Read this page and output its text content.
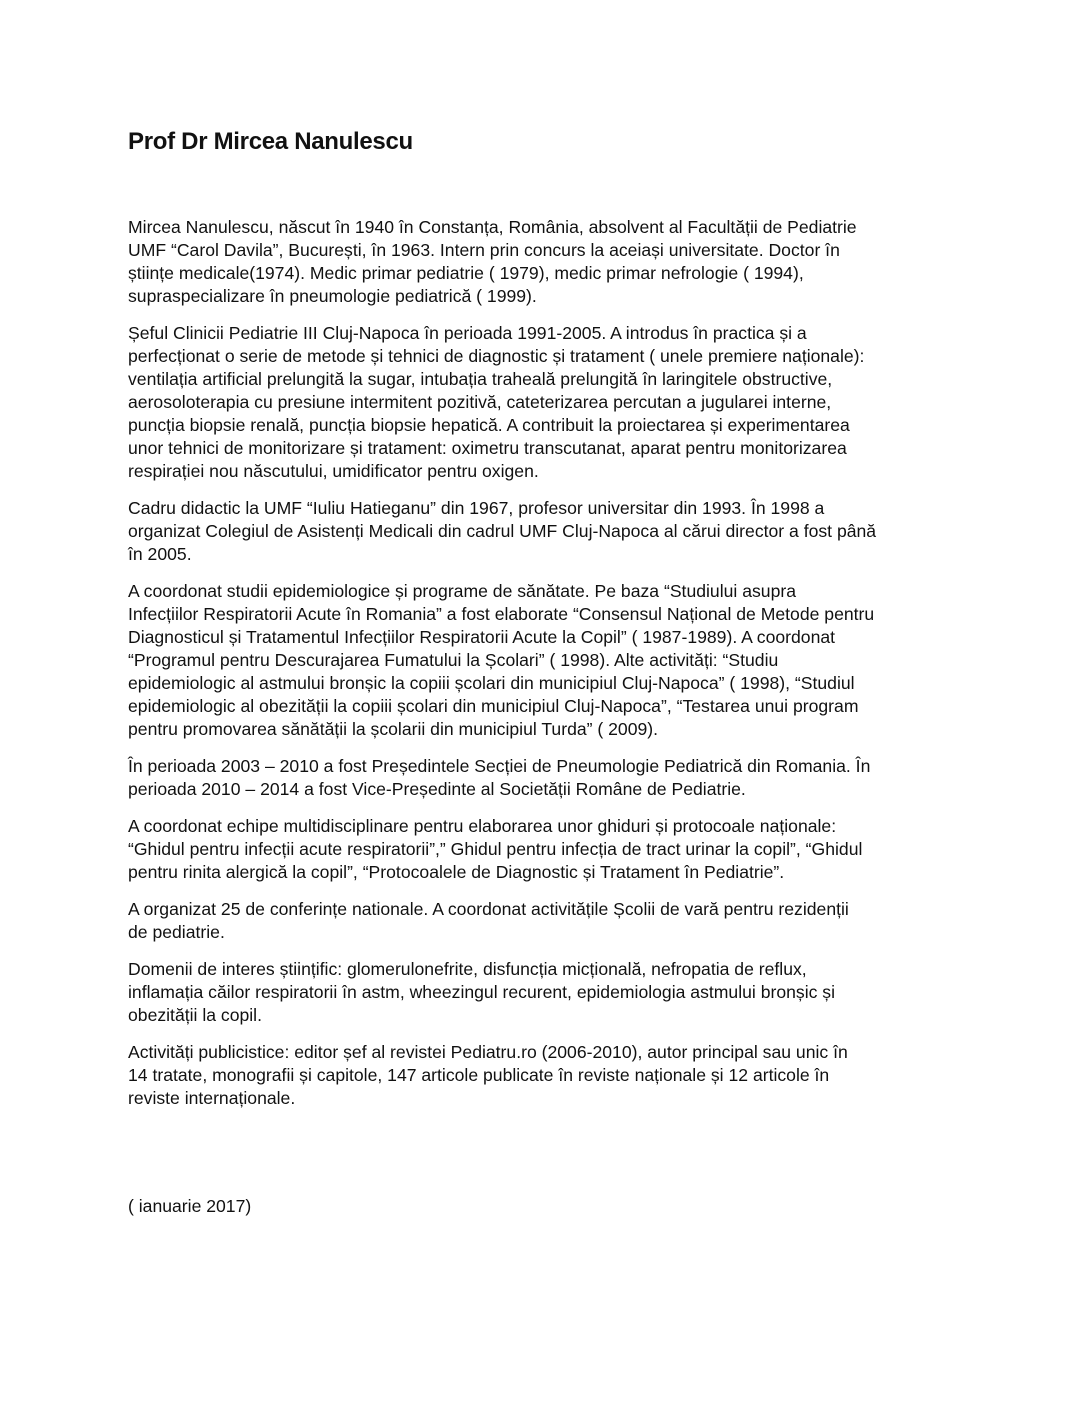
Prof Dr Mircea Nanulescu

Mircea Nanulescu, născut în 1940 în Constanța, România, absolvent al Facultății de Pediatrie
UMF “Carol Davila”, București, în 1963. Intern prin concurs la aceiași universitate. Doctor în
științe medicale(1974). Medic primar pediatrie ( 1979), medic primar nefrologie ( 1994),
supraspecializare în pneumologie pediatrică ( 1999).

Șeful Clinicii Pediatrie III Cluj-Napoca în perioada 1991-2005. A introdus în practica și a
perfecționat o serie de metode și tehnici de diagnostic și tratament ( unele premiere naționale):
ventilația artificial prelungită la sugar, intubația traheală prelungită în laringitele obstructive,
aerosoloterapia cu presiune intermitent pozitivă, cateterizarea percutan a jugularei interne,
puncția biopsie renală, puncția biopsie hepatică. A contribuit la proiectarea și experimentarea
unor tehnici de monitorizare și tratament: oximetru transcutanat, aparat pentru monitorizarea
respirației nou născutului, umidificator pentru oxigen.

Cadru didactic la UMF “Iuliu Hatieganu” din 1967, profesor universitar din 1993. În 1998 a
organizat Colegiul de Asistenți Medicali din cadrul UMF Cluj-Napoca al cărui director a fost până
în 2005.

A coordonat studii epidemiologice și programe de sănătate. Pe baza “Studiului asupra
Infecțiilor Respiratorii Acute în Romania” a fost elaborate “Consensul Național de Metode pentru
Diagnosticul și Tratamentul Infecțiilor Respiratorii Acute la Copil” ( 1987-1989). A coordonat
“Programul pentru Descurajarea Fumatului la Școlari” ( 1998). Alte activități: “Studiu
epidemiologic al astmului bronșic la copiii școlari din municipiul Cluj-Napoca” ( 1998), “Studiul
epidemiologic al obezității la copiii școlari din municipiul Cluj-Napoca”, “Testarea unui program
pentru promovarea sănătății la școlarii din municipiul Turda” ( 2009).

În perioada 2003 – 2010 a fost Președintele Secției de Pneumologie Pediatrică din Romania. În
perioada 2010 – 2014 a fost Vice-Președinte al Societății Române de Pediatrie.

A coordonat echipe multidisciplinare pentru elaborarea unor ghiduri și protocoale naționale:
“Ghidul pentru infecții acute respiratorii”,” Ghidul pentru infecția de tract urinar la copil”, “Ghidul
pentru rinita alergică la copil”, “Protocoalele de Diagnostic și Tratament în Pediatrie”.

A organizat 25 de conferințe nationale. A coordonat activitățile Școlii de vară pentru rezidenții
de pediatrie.

Domenii de interes științific: glomerulonefrite, disfuncția micțională, nefropatia de reflux,
inflamația căilor respiratorii în astm, wheezingul recurent, epidemiologia astmului bronșic și
obezității la copil.

Activități publicistice: editor șef al revistei Pediatru.ro (2006-2010), autor principal sau unic în
14 tratate, monografii și capitole, 147 articole publicate în reviste naționale și 12 articole în
reviste internaționale.

( ianuarie 2017)
